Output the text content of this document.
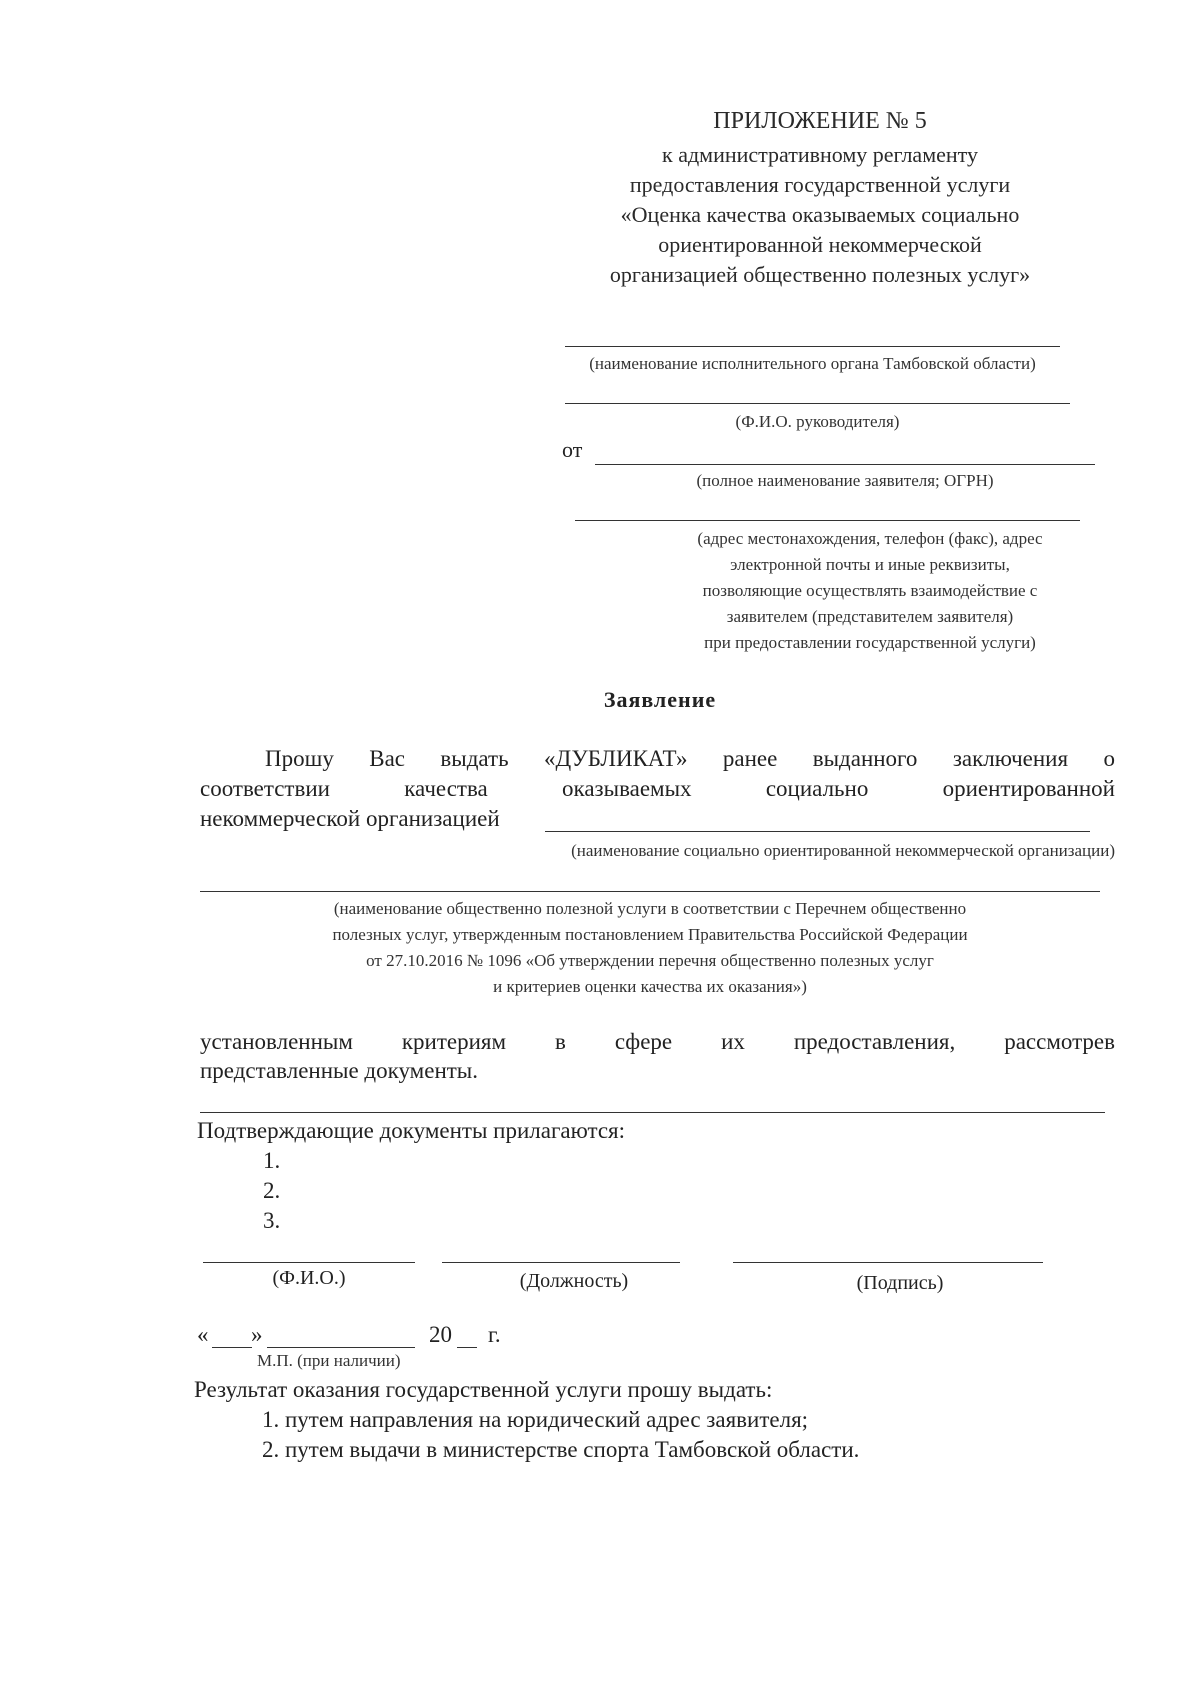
ПРИЛОЖЕНИЕ № 5
к административному регламенту
предоставления государственной услуги
«Оценка качества оказываемых социально
ориентированной некоммерческой
организацией общественно полезных услуг»
(наименование исполнительного органа Тамбовской области)
(Ф.И.О. руководителя)
от
(полное наименование заявителя; ОГРН)
(адрес местонахождения, телефон (факс), адрес
электронной почты и иные реквизиты,
позволяющие осуществлять взаимодействие с
заявителем (представителем заявителя)
при предоставлении государственной услуги)
Заявление
Прошу Вас выдать «ДУБЛИКАТ» ранее выданного заключения о
соответствии	качества	оказываемых	социально	ориентированной
некоммерческой организацией
(наименование социально ориентированной некоммерческой организации)
(наименование общественно полезной услуги в соответствии с Перечнем общественно
полезных услуг, утвержденным постановлением Правительства Российской Федерации
от 27.10.2016 № 1096 «Об утверждении перечня общественно полезных услуг
и критериев оценки качества их оказания»)
установленным критериям в сфере их предоставления, рассмотрев
представленные документы.
Подтверждающие документы прилагаются:
1.
2.
3.
(Ф.И.О.)	(Должность)	(Подпись)
« »	20 г.
М.П. (при наличии)
Результат оказания государственной услуги прошу выдать:
1. путем направления на юридический адрес заявителя;
2. путем выдачи в министерстве спорта Тамбовской области.
